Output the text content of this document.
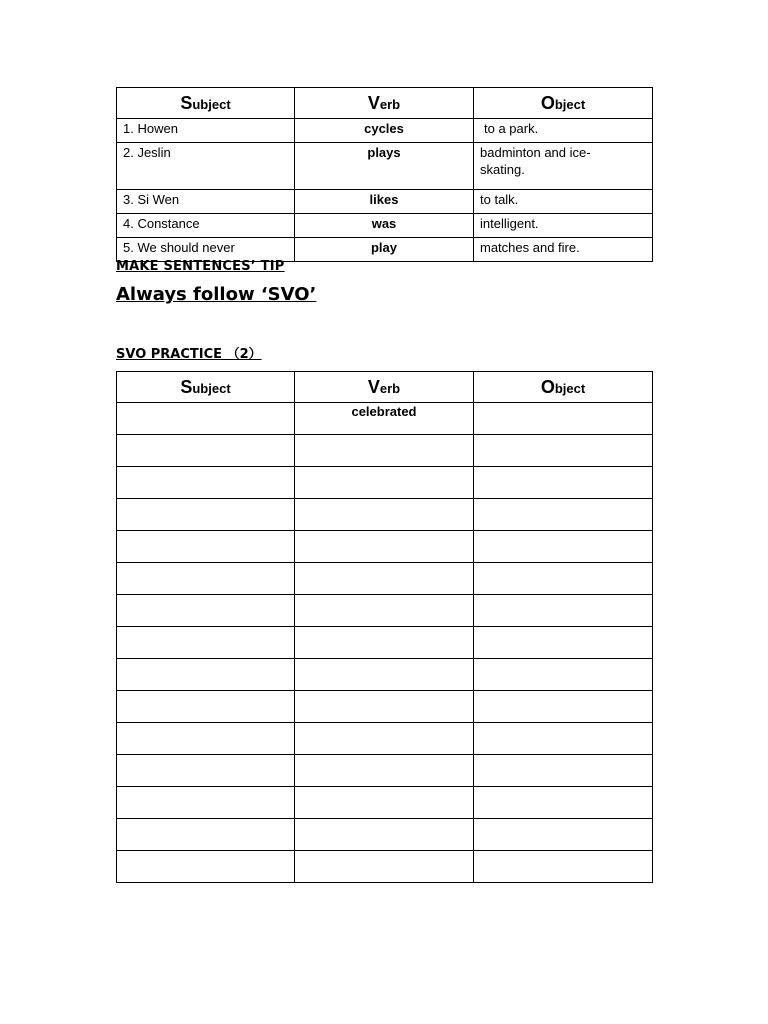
Subject	Verb	Object
1. Howen	cycles	to a park.

2. Jeslin	plays	badminton and ice-
skating.

3. Si Wen	likes	to talk.

4. Constance	was	intelligent.

5. We should never	play	matches and fire.
MAKE SENTENCES’ TIP
Always follow ‘SVO’
SVO PRACTICE （2）
Subject	Verb	Object
	celebrated	
